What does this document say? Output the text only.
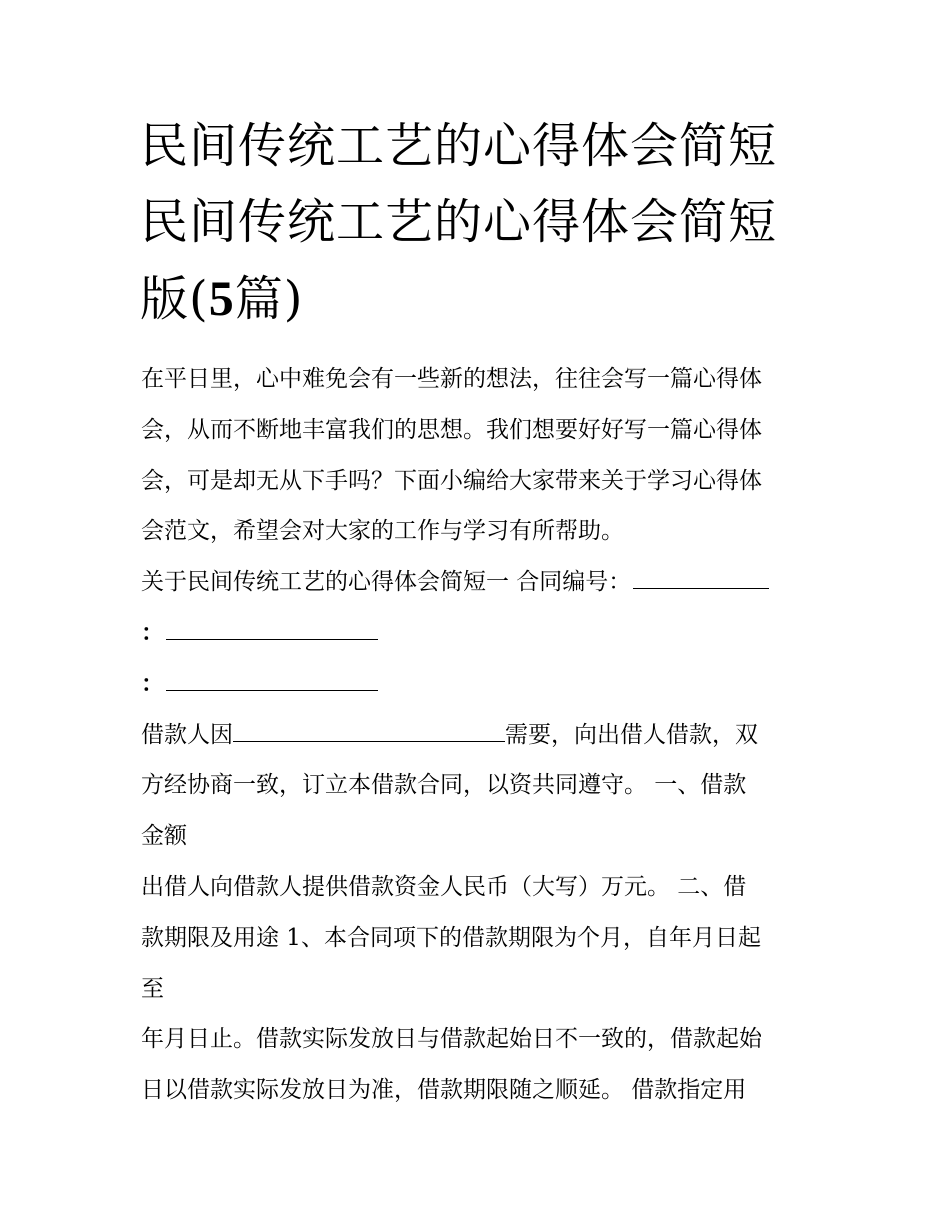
民间传统工艺的心得体会简短
民间传统工艺的心得体会简短
版(5篇)
在平日里，心中难免会有一些新的想法，往往会写一篇心得体
会，从而不断地丰富我们的思想。我们想要好好写一篇心得体
会，可是却无从下手吗？下面小编给大家带来关于学习心得体
会范文，希望会对大家的工作与学习有所帮助。
关于民间传统工艺的心得体会简短一 合同编号：
：
：
借款人因	需要，向出借人借款，双
方经协商一致，订立本借款合同，以资共同遵守。 一、借款
金额
出借人向借款人提供借款资金人民币（大写）万元。 二、借
款期限及用途 1、本合同项下的借款期限为个月，自年月日起
至
年月日止。借款实际发放日与借款起始日不一致的，借款起始
日以借款实际发放日为准，借款期限随之顺延。 借款指定用
